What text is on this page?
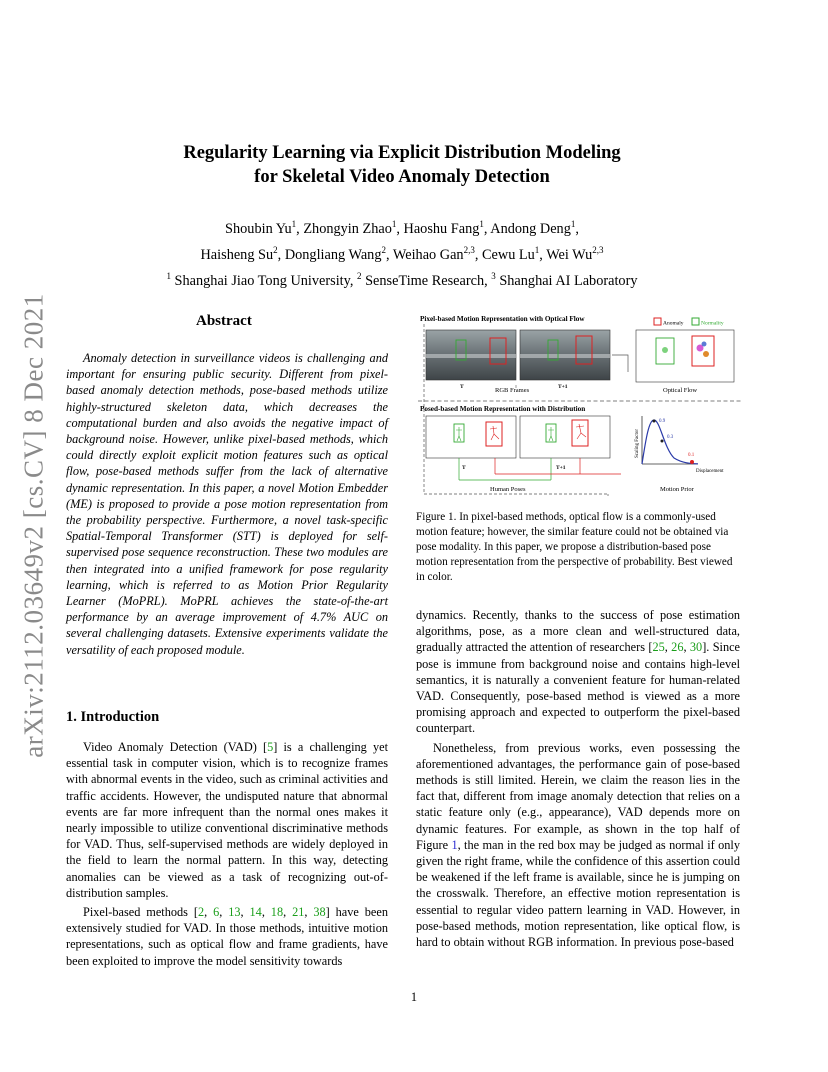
arXiv:2112.03649v2 [cs.CV] 8 Dec 2021
Regularity Learning via Explicit Distribution Modeling
for Skeletal Video Anomaly Detection
Shoubin Yu$^1$, Zhongyin Zhao$^1$, Haoshu Fang$^1$, Andong Deng$^1$,
Haisheng Su$^2$, Dongliang Wang$^2$, Weihao Gan$^{2,3}$, Cewu Lu$^1$, Wei Wu$^{2,3}$
$^1$ Shanghai Jiao Tong University, $^2$ SenseTime Research, $^3$ Shanghai AI Laboratory
Abstract

Anomaly detection in surveillance videos is challenging and important for ensuring public security. Different from pixel-based anomaly detection methods, pose-based methods utilize highly-structured skeleton data, which decreases the computational burden and also avoids the negative impact of background noise. However, unlike pixel-based methods, which could directly exploit explicit motion features such as optical flow, pose-based methods suffer from the lack of alternative dynamic representation. In this paper, a novel Motion Embedder (ME) is proposed to provide a pose motion representation from the probability perspective. Furthermore, a novel task-specific Spatial-Temporal Transformer (STT) is deployed for self-supervised pose sequence reconstruction. These two modules are then integrated into a unified framework for pose regularity learning, which is referred to as Motion Prior Regularity Learner (MoPRL). MoPRL achieves the state-of-the-art performance by an average improvement of 4.7% AUC on several challenging datasets. Extensive experiments validate the versatility of each proposed module.

1. Introduction

Video Anomaly Detection (VAD) [5] is a challenging yet essential task in computer vision, which is to recognize frames with abnormal events in the video, such as criminal activities and traffic accidents. However, the undisputed nature that abnormal events are far more infrequent than the normal ones makes it nearly impossible to utilize conventional discriminative methods for VAD. Thus, self-supervised methods are widely deployed in the field to learn the normal pattern. In this way, detecting anomalies can be viewed as a task of recognizing out-of-distribution samples.

Pixel-based methods [2, 6, 13, 14, 18, 21, 38] have been extensively studied for VAD. In those methods, intuitive motion representations, such as optical flow and frame gradients, have been exploited to improve the model sensitivity towards

Pixel-based Motion Representation with Optical Flow
Anomaly	Normality
T	T+1
RGB Frames	Optical Flow
Posed-based Motion Representation with Distribution
T	T+1
Human Poses
0.9
0.3
0.1
Scaling Factor
Displacement
Motion Prior
Figure 1. In pixel-based methods, optical flow is a commonly-used motion feature; however, the similar feature could not be obtained via pose modality. In this paper, we propose a distribution-based pose motion representation from the perspective of probability. Best viewed in color.

dynamics. Recently, thanks to the success of pose estimation algorithms, pose, as a more clean and well-structured data, gradually attracted the attention of researchers [25, 26, 30]. Since pose is immune from background noise and contains high-level semantics, it is naturally a convenient feature for human-related VAD. Consequently, pose-based method is viewed as a more promising approach and expected to outperform the pixel-based counterpart.

Nonetheless, from previous works, even possessing the aforementioned advantages, the performance gain of pose-based methods is still limited. Herein, we claim the reason lies in the fact that, different from image anomaly detection that relies on a static feature only (e.g., appearance), VAD depends more on dynamic features. For example, as shown in the top half of Figure 1, the man in the red box may be judged as normal if only given the right frame, while the confidence of this assertion could be weakened if the left frame is available, since he is jumping on the crosswalk. Therefore, an effective motion representation is essential to regular video pattern learning in VAD. However, in pose-based methods, motion representation, like optical flow, is hard to obtain without RGB information. In previous pose-based

1
